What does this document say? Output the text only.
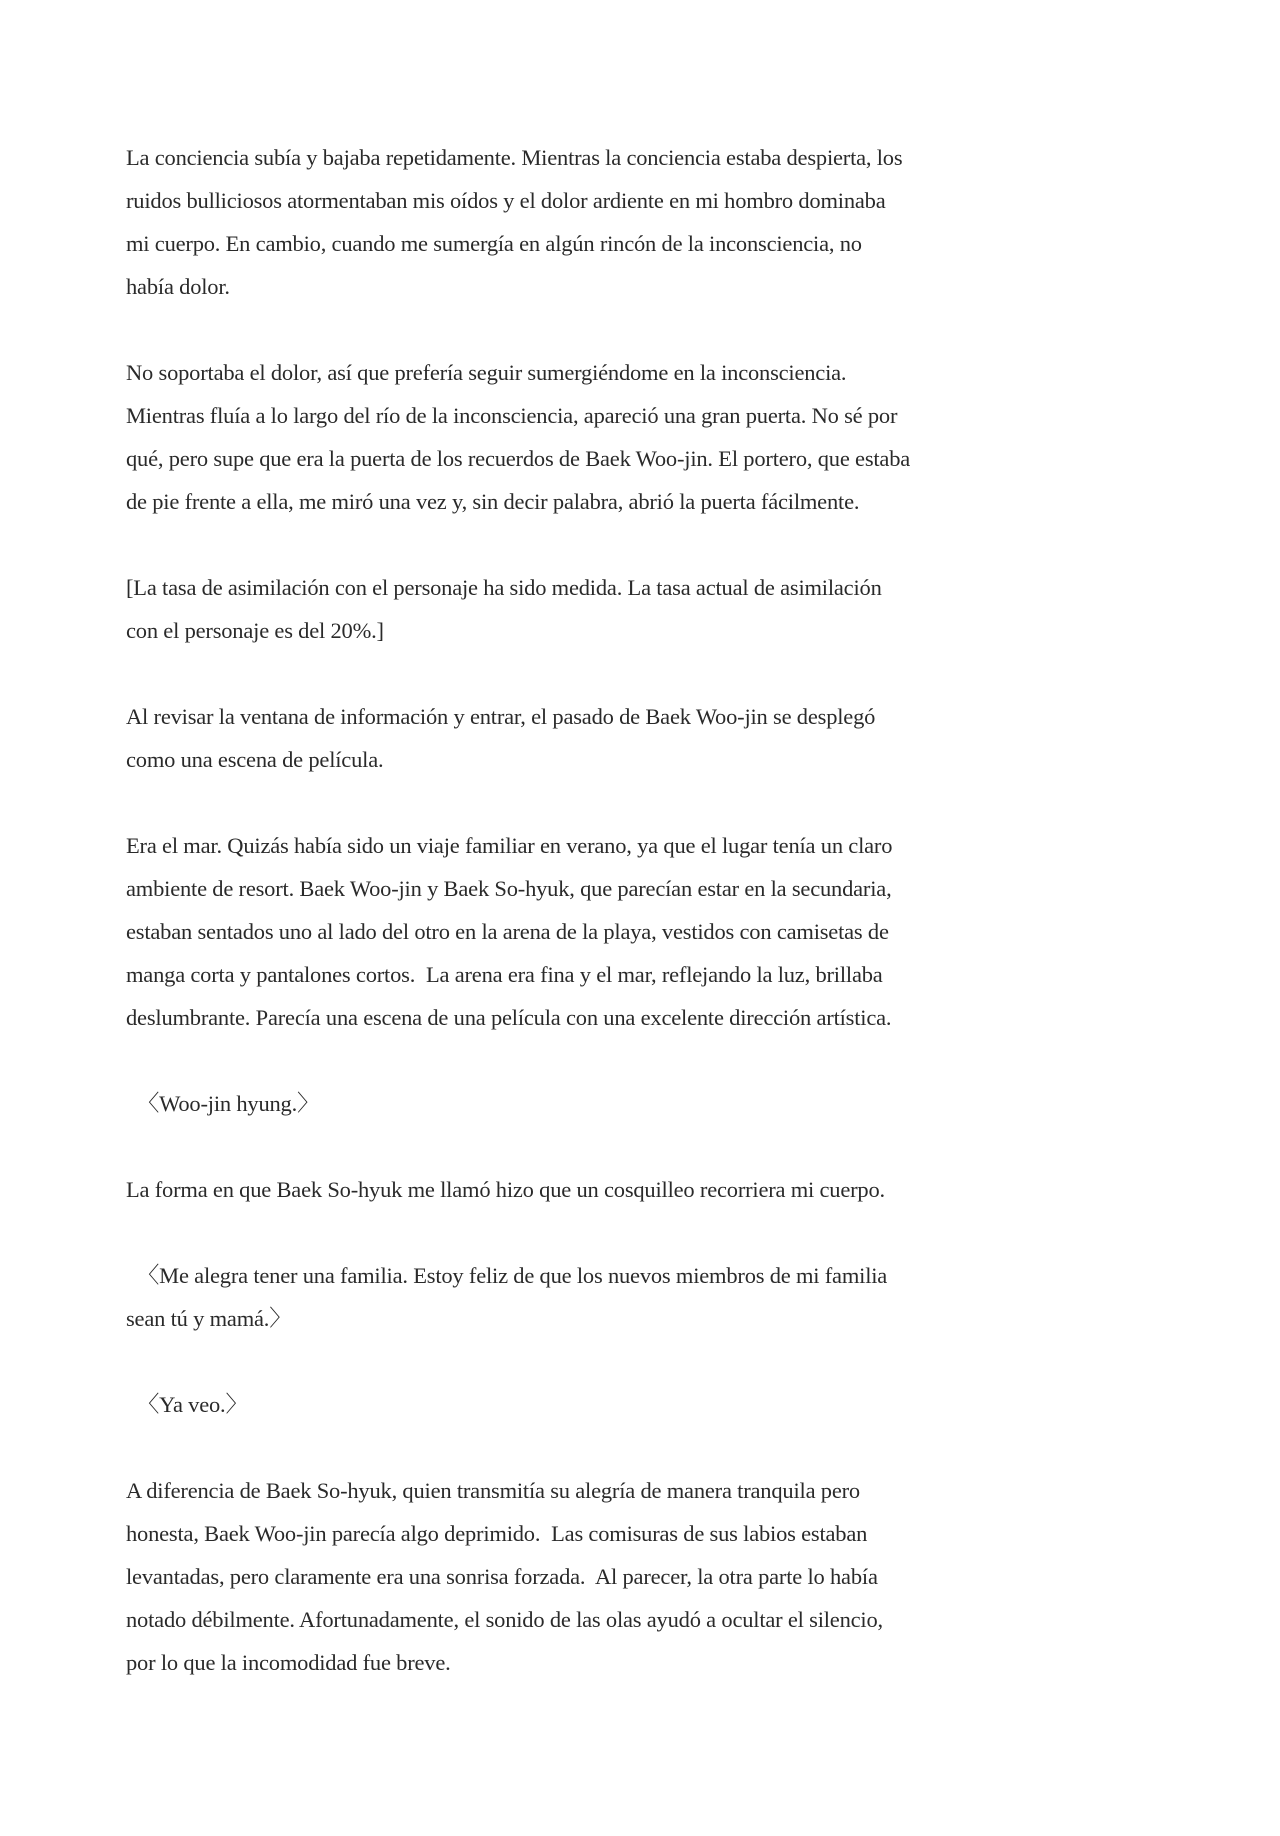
La conciencia subía y bajaba repetidamente. Mientras la conciencia estaba despierta, los
ruidos bulliciosos atormentaban mis oídos y el dolor ardiente en mi hombro dominaba
mi cuerpo. En cambio, cuando me sumergía en algún rincón de la inconsciencia, no
había dolor.

No soportaba el dolor, así que prefería seguir sumergiéndome en la inconsciencia.
Mientras fluía a lo largo del río de la inconsciencia, apareció una gran puerta. No sé por
qué, pero supe que era la puerta de los recuerdos de Baek Woo-jin. El portero, que estaba
de pie frente a ella, me miró una vez y, sin decir palabra, abrió la puerta fácilmente.

[La tasa de asimilación con el personaje ha sido medida. La tasa actual de asimilación
con el personaje es del 20%.]

Al revisar la ventana de información y entrar, el pasado de Baek Woo-jin se desplegó
como una escena de película.

Era el mar. Quizás había sido un viaje familiar en verano, ya que el lugar tenía un claro
ambiente de resort. Baek Woo-jin y Baek So-hyuk, que parecían estar en la secundaria,
estaban sentados uno al lado del otro en la arena de la playa, vestidos con camisetas de
manga corta y pantalones cortos.  La arena era fina y el mar, reflejando la luz, brillaba
deslumbrante. Parecía una escena de una película con una excelente dirección artística.

〈Woo-jin hyung.〉

La forma en que Baek So-hyuk me llamó hizo que un cosquilleo recorriera mi cuerpo.

〈Me alegra tener una familia. Estoy feliz de que los nuevos miembros de mi familia
sean tú y mamá.〉

〈Ya veo.〉

A diferencia de Baek So-hyuk, quien transmitía su alegría de manera tranquila pero
honesta, Baek Woo-jin parecía algo deprimido.  Las comisuras de sus labios estaban
levantadas, pero claramente era una sonrisa forzada.  Al parecer, la otra parte lo había
notado débilmente. Afortunadamente, el sonido de las olas ayudó a ocultar el silencio,
por lo que la incomodidad fue breve.
